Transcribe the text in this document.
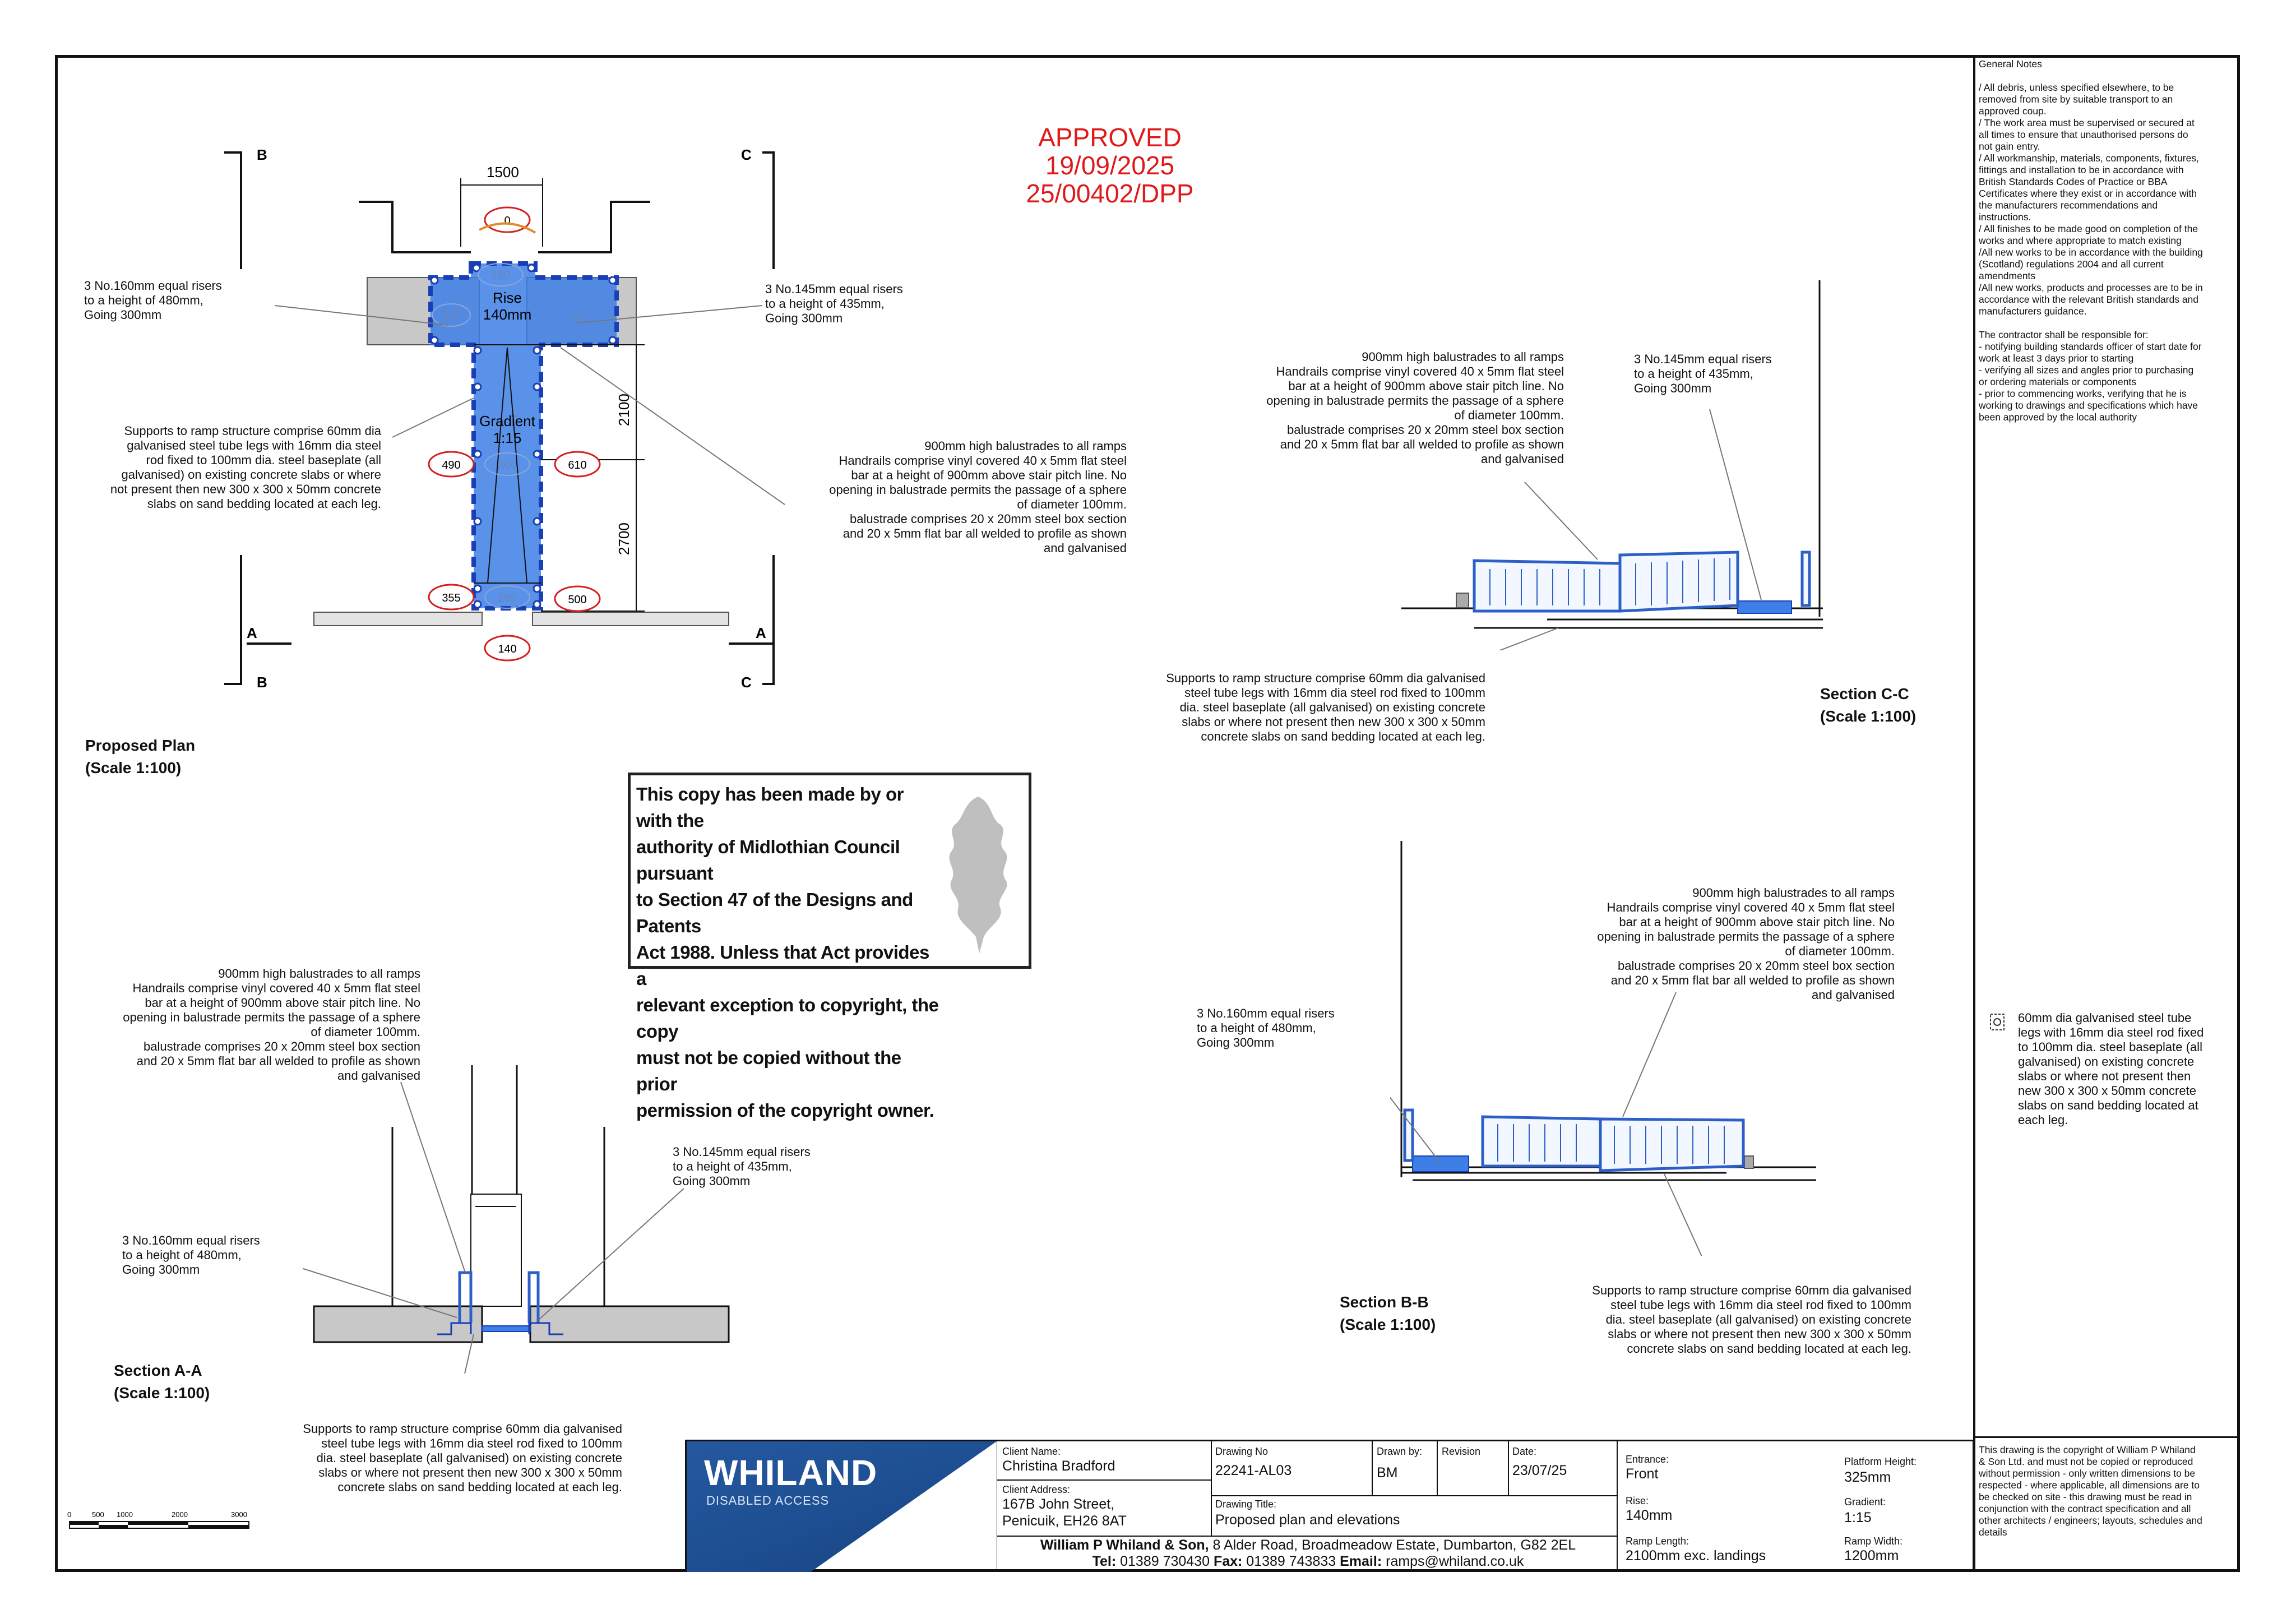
APPROVED
19/09/2025
25/00402/DPP
B	C
A	A
B	C
1500
Rise
140mm
Gradient
1:15
2100
2700
0
190
430	435
490	300	610
355	265	500
140
3 No.160mm equal risers
to a height of 480mm,
Going 300mm
3 No.145mm equal risers
to a height of 435mm,
Going 300mm
Supports to ramp structure comprise 60mm dia
galvanised steel tube legs with 16mm dia steel
rod fixed to 100mm dia. steel baseplate (all
galvanised) on existing concrete slabs or where
not present then new 300 x 300 x 50mm concrete
slabs on sand bedding located at each leg.
900mm high balustrades to all ramps
Handrails comprise vinyl covered 40 x 5mm flat steel
bar at a height of 900mm above stair pitch line. No
opening in balustrade permits the passage of a sphere
of diameter 100mm.
balustrade comprises 20 x 20mm steel box section
and 20 x 5mm flat bar all welded to profile as shown
and galvanised
Proposed Plan
(Scale 1:100)
900mm high balustrades to all ramps
Handrails comprise vinyl covered 40 x 5mm flat steel
bar at a height of 900mm above stair pitch line. No
opening in balustrade permits the passage of a sphere
of diameter 100mm.
balustrade comprises 20 x 20mm steel box section
and 20 x 5mm flat bar all welded to profile as shown
and galvanised
3 No.145mm equal risers
to a height of 435mm,
Going 300mm
Supports to ramp structure comprise 60mm dia galvanised
steel tube legs with 16mm dia steel rod fixed to 100mm
dia. steel baseplate (all galvanised) on existing concrete
slabs or where not present then new 300 x 300 x 50mm
concrete slabs on sand bedding located at each leg.
Section C-C
(Scale 1:100)
This copy has been made by or with the
authority of Midlothian Council pursuant
to Section 47 of the Designs and Patents
Act 1988. Unless that Act provides a
relevant exception to copyright, the copy
must not be copied without the prior
permission of the copyright owner.
900mm high balustrades to all ramps
Handrails comprise vinyl covered 40 x 5mm flat steel
bar at a height of 900mm above stair pitch line. No
opening in balustrade permits the passage of a sphere
of diameter 100mm.
balustrade comprises 20 x 20mm steel box section
and 20 x 5mm flat bar all welded to profile as shown
and galvanised
3 No.160mm equal risers
to a height of 480mm,
Going 300mm
Supports to ramp structure comprise 60mm dia galvanised
steel tube legs with 16mm dia steel rod fixed to 100mm
dia. steel baseplate (all galvanised) on existing concrete
slabs or where not present then new 300 x 300 x 50mm
concrete slabs on sand bedding located at each leg.
Section B-B
(Scale 1:100)
900mm high balustrades to all ramps
Handrails comprise vinyl covered 40 x 5mm flat steel
bar at a height of 900mm above stair pitch line. No
opening in balustrade permits the passage of a sphere
of diameter 100mm.
balustrade comprises 20 x 20mm steel box section
and 20 x 5mm flat bar all welded to profile as shown
and galvanised
3 No.160mm equal risers
to a height of 480mm,
Going 300mm
3 No.145mm equal risers
to a height of 435mm,
Going 300mm
Supports to ramp structure comprise 60mm dia galvanised
steel tube legs with 16mm dia steel rod fixed to 100mm
dia. steel baseplate (all galvanised) on existing concrete
slabs or where not present then new 300 x 300 x 50mm
concrete slabs on sand bedding located at each leg.
Section A-A
(Scale 1:100)
General Notes

/ All debris, unless specified elsewhere, to be
removed from site by suitable transport to an
approved coup.
/ The work area must be supervised or secured at
all times to ensure that unauthorised persons do
not gain entry.
/ All workmanship, materials, components, fixtures,
fittings and installation to be in accordance with
British Standards Codes of Practice or BBA
Certificates where they exist or in accordance with
the manufacturers recommendations and
instructions.
/ All finishes to be made good on completion of the
works and where appropriate to match existing
/All new works to be in accordance with the building
(Scotland) regulations 2004 and all current
amendments
/All new works, products and processes are to be in
accordance with the relevant British standards and
manufacturers guidance.

The contractor shall be responsible for:
- notifying building standards officer of start date for
work at least 3 days prior to starting
- verifying all sizes and angles prior to purchasing
or ordering materials or components
- prior to commencing works, verifying that he is
working to drawings and specifications which have
been approved by the local authority
60mm dia galvanised steel tube
legs with 16mm dia steel rod fixed
to 100mm dia. steel baseplate (all
galvanised) on existing concrete
slabs or where not present then
new 300 x 300 x 50mm concrete
slabs on sand bedding located at
each leg.
This drawing is the copyright of William P Whiland
& Son Ltd. and must not be copied or reproduced
without permission - only written dimensions to be
respected - where applicable, all dimensions are to
be checked on site - this drawing must be read in
conjunction with the contract specification and all
other architects / engineers; layouts, schedules and
details
0	500 1000	2000	3000
WHILAND
DISABLED ACCESS
Client Name:
Christina Bradford
Client Address:
167B John Street,
Penicuik, EH26 8AT
Drawing No
22241-AL03
Drawn by:
BM
Revision	Date:
23/07/25
Drawing Title:
Proposed plan and elevations
William P Whiland & Son, 8 Alder Road, Broadmeadow Estate, Dumbarton, G82 2EL
Tel: 01389 730430 Fax: 01389 743833 Email: ramps@whiland.co.uk
Entrance:
Front
Rise:
140mm
Ramp Length:
2100mm exc. landings
Platform Height:
325mm
Gradient:
1:15
Ramp Width:
1200mm
